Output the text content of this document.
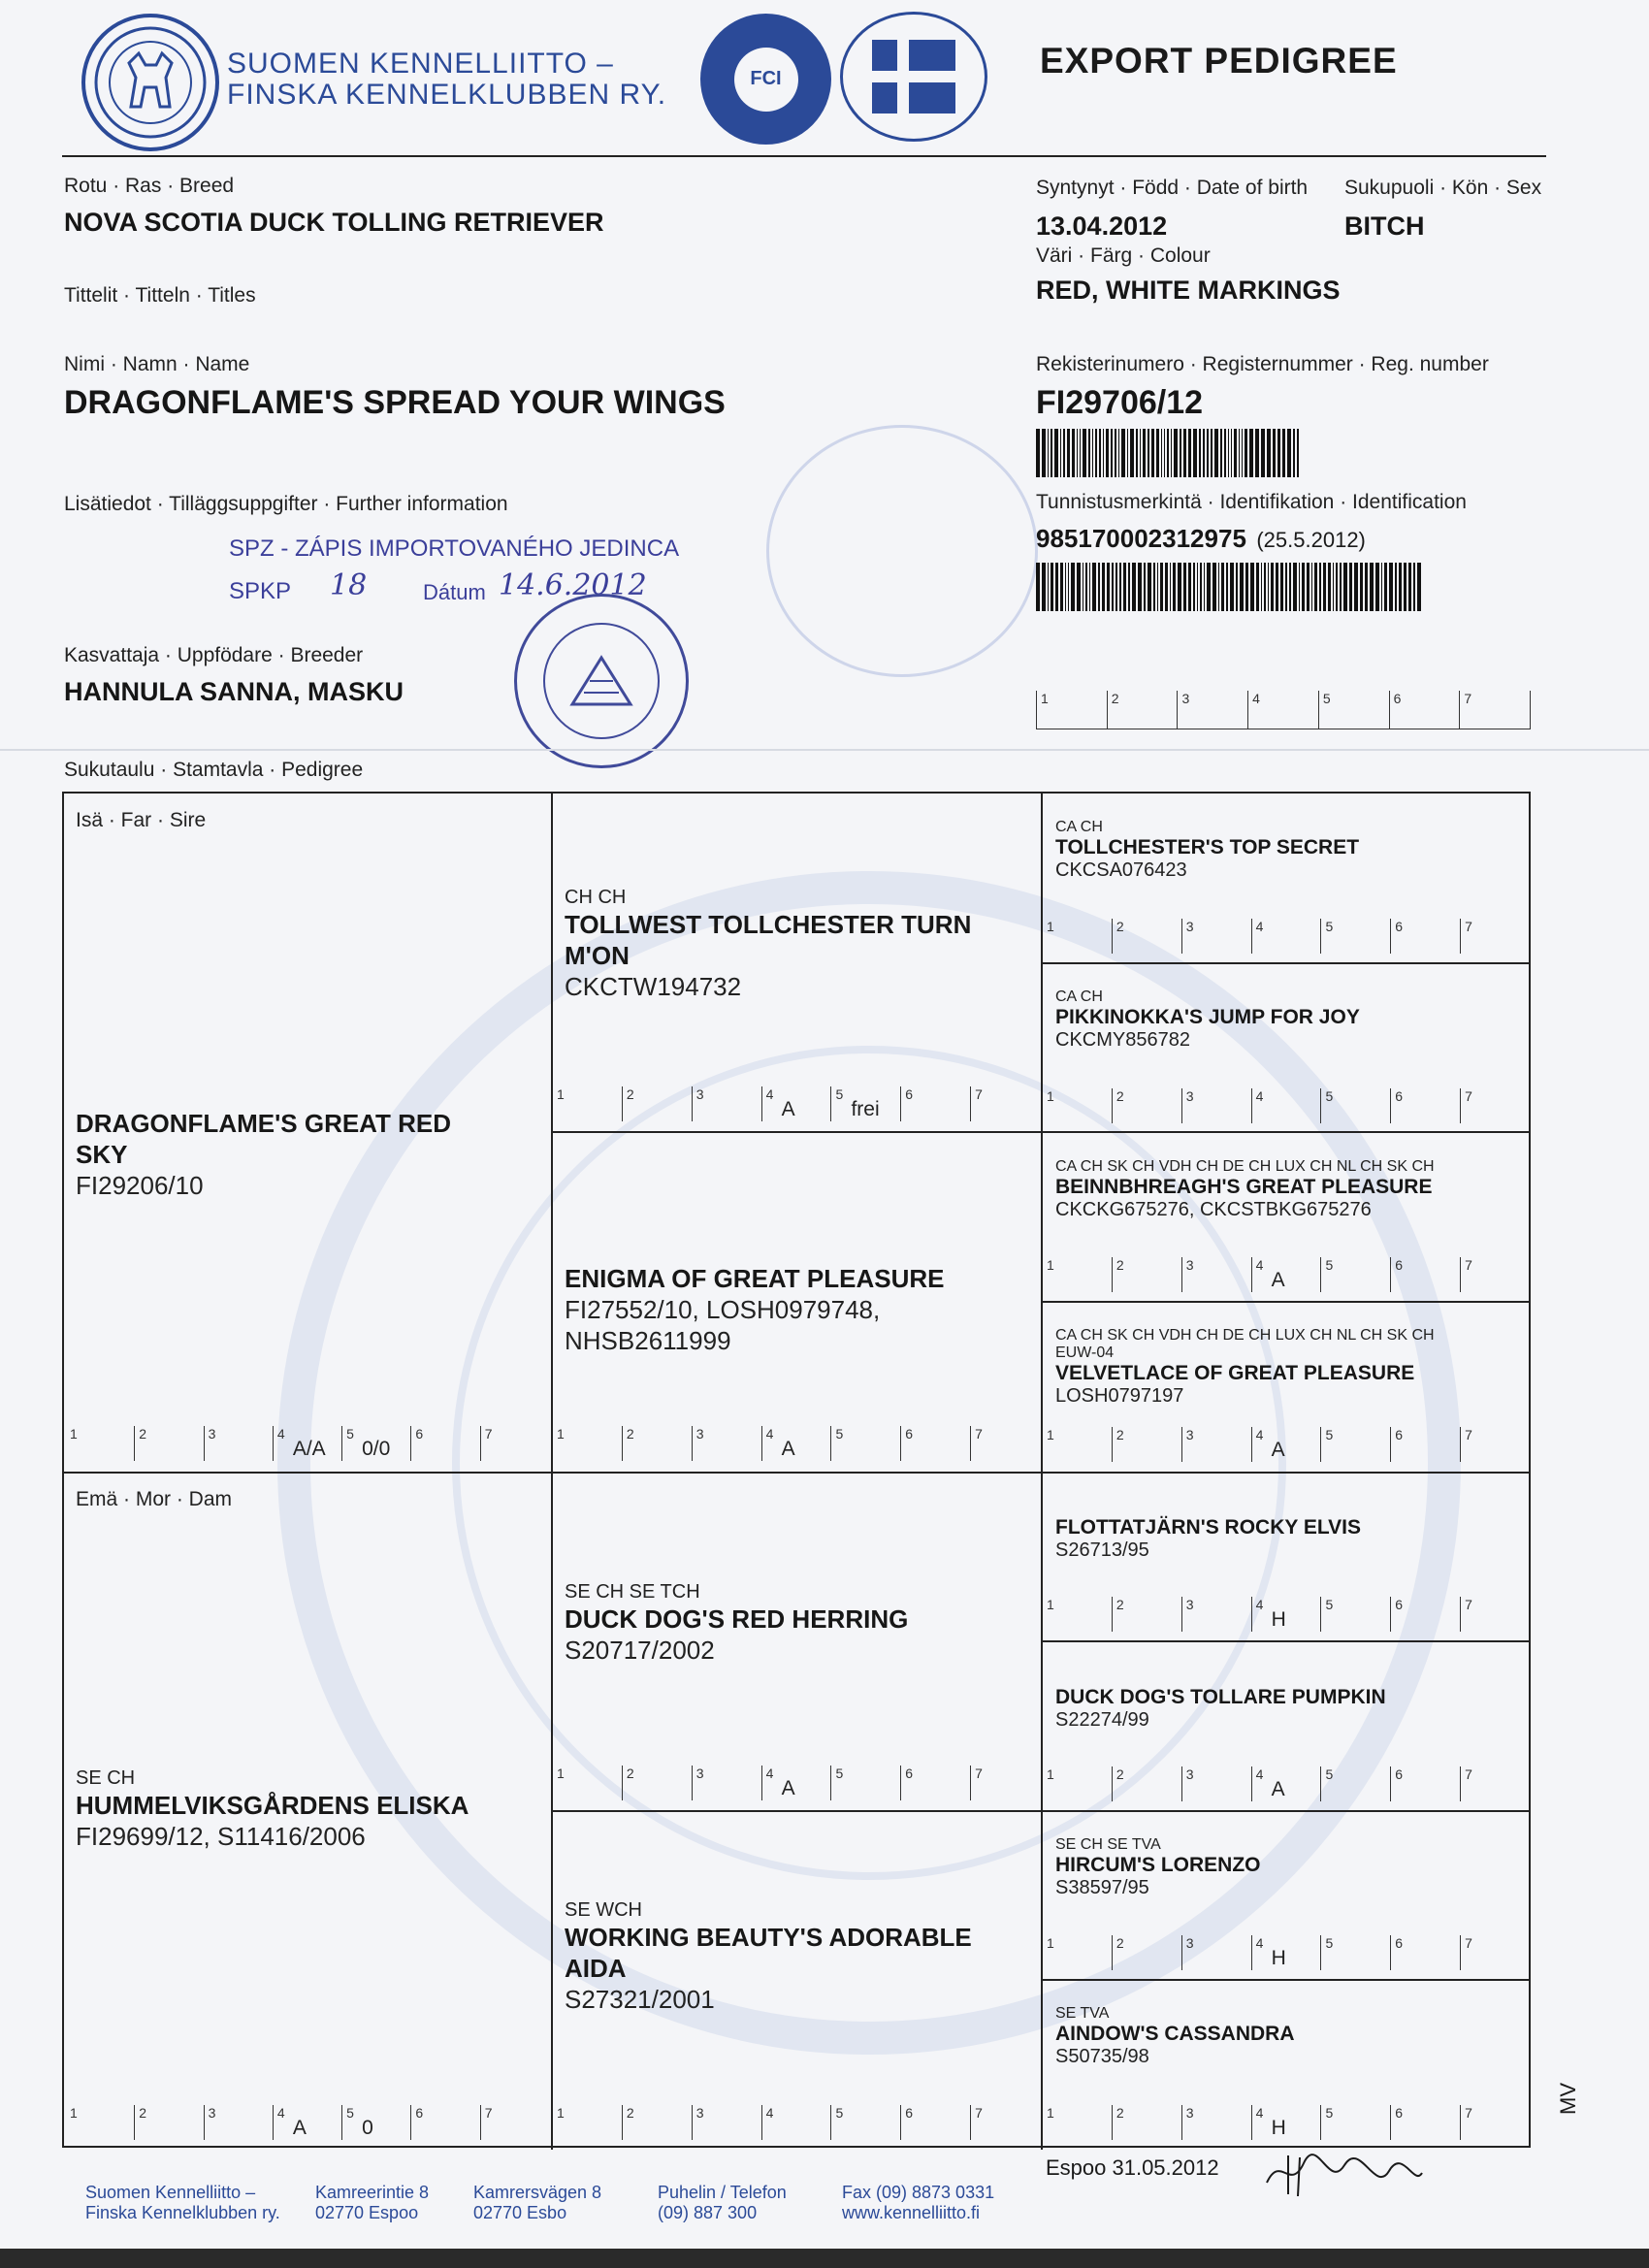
SUOMEN KENNELLIITTO –
FINSKA KENNELKLUBBEN RY.	FCI	EXPORT PEDIGREE
Rotu · Ras · Breed
NOVA SCOTIA DUCK TOLLING RETRIEVER
Tittelit · Titteln · Titles
Nimi · Namn · Name
DRAGONFLAME'S SPREAD YOUR WINGS
Lisätiedot · Tilläggsuppgifter · Further information
SPZ - ZÁPIS IMPORTOVANÉHO JEDINCA
SPKP 18	Dátum 14.6.2012
Kasvattaja · Uppfödare · Breeder
HANNULA SANNA, MASKU
Syntynyt · Född · Date of birth Sukupuoli · Kön · Sex
13.04.2012	BITCH
Väri · Färg · Colour
RED, WHITE MARKINGS
Rekisterinumero · Registernummer · Reg. number
FI29706/12
Tunnistusmerkintä · Identifikation · Identification
985170002312975 (25.5.2012)
1	2	3	4	5	6	7
Sukutaulu · Stamtavla · Pedigree
Isä · Far · Sire
DRAGONFLAME'S GREAT RED SKY
FI29206/10
1	2	3	4
A/A
5
0/0
6	7
Emä · Mor · Dam
SE CH
HUMMELVIKSGÅRDENS ELISKA
FI29699/12, S11416/2006
1	2	3	4
A
5
0
6	7
CH CH
TOLLWEST TOLLCHESTER TURN M'ON
CKCTW194732
1	2	3	4
A
5
frei
6	7
ENIGMA OF GREAT PLEASURE
FI27552/10, LOSH0979748, NHSB2611999
1	2	3	4
A
5	6	7
SE CH SE TCH
DUCK DOG'S RED HERRING
S20717/2002
1	2	3	4
A
5	6	7
SE WCH
WORKING BEAUTY'S ADORABLE AIDA
S27321/2001
1	2	3	4	5	6	7
CA CH
TOLLCHESTER'S TOP SECRET
CKCSA076423
1	2	3	4	5	6	7
CA CH
PIKKINOKKA'S JUMP FOR JOY
CKCMY856782
1	2	3	4	5	6	7
CA CH SK CH VDH CH DE CH LUX CH NL CH SK CH
BEINNBHREAGH'S GREAT PLEASURE
CKCKG675276, CKCSTBKG675276
1	2	3	4
A
5	6	7
CA CH SK CH VDH CH DE CH LUX CH NL CH SK CH
EUW-04
VELVETLACE OF GREAT PLEASURE
LOSH0797197
1	2	3	4
A
5	6	7
FLOTTATJÄRN'S ROCKY ELVIS
S26713/95
1	2	3	4
H
5	6	7
DUCK DOG'S TOLLARE PUMPKIN
S22274/99
1	2	3	4
A
5	6	7
SE CH SE TVA
HIRCUM'S LORENZO
S38597/95
1	2	3	4
H
5	6	7
SE TVA
AINDOW'S CASSANDRA
S50735/98
1	2	3	4
H
5	6	7	MV
Espoo 31.05.2012
Suomen Kennelliitto –
Finska Kennelklubben ry.
Kamreerintie 8
02770 Espoo
Kamrersvägen 8
02770 Esbo
Puhelin / Telefon
(09) 887 300
Fax (09) 8873 0331
www.kennelliitto.fi
